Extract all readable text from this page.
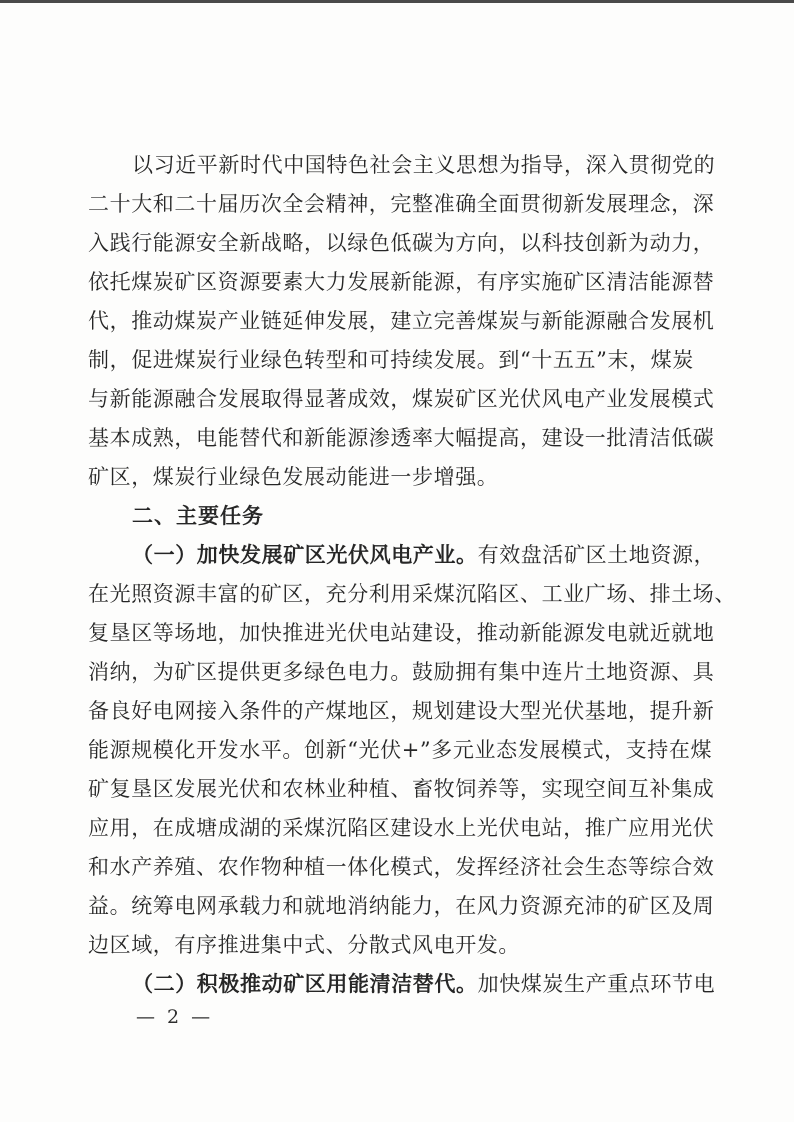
以习近平新时代中国特色社会主义思想为指导，深入贯彻党的
二十大和二十届历次全会精神，完整准确全面贯彻新发展理念，深
入践行能源安全新战略，以绿色低碳为方向，以科技创新为动力，
依托煤炭矿区资源要素大力发展新能源，有序实施矿区清洁能源替
代，推动煤炭产业链延伸发展，建立完善煤炭与新能源融合发展机
制，促进煤炭行业绿色转型和可持续发展。到“十五五”末，煤炭
与新能源融合发展取得显著成效，煤炭矿区光伏风电产业发展模式
基本成熟，电能替代和新能源渗透率大幅提高，建设一批清洁低碳
矿区，煤炭行业绿色发展动能进一步增强。
二、主要任务
（一）加快发展矿区光伏风电产业。有效盘活矿区土地资源，
在光照资源丰富的矿区，充分利用采煤沉陷区、工业广场、排土场、
复垦区等场地，加快推进光伏电站建设，推动新能源发电就近就地
消纳，为矿区提供更多绿色电力。鼓励拥有集中连片土地资源、具
备良好电网接入条件的产煤地区，规划建设大型光伏基地，提升新
能源规模化开发水平。创新“光伏+”多元业态发展模式，支持在煤
矿复垦区发展光伏和农林业种植、畜牧饲养等，实现空间互补集成
应用，在成塘成湖的采煤沉陷区建设水上光伏电站，推广应用光伏
和水产养殖、农作物种植一体化模式，发挥经济社会生态等综合效
益。统筹电网承载力和就地消纳能力，在风力资源充沛的矿区及周
边区域，有序推进集中式、分散式风电开发。
（二）积极推动矿区用能清洁替代。加快煤炭生产重点环节电
— 2 —
